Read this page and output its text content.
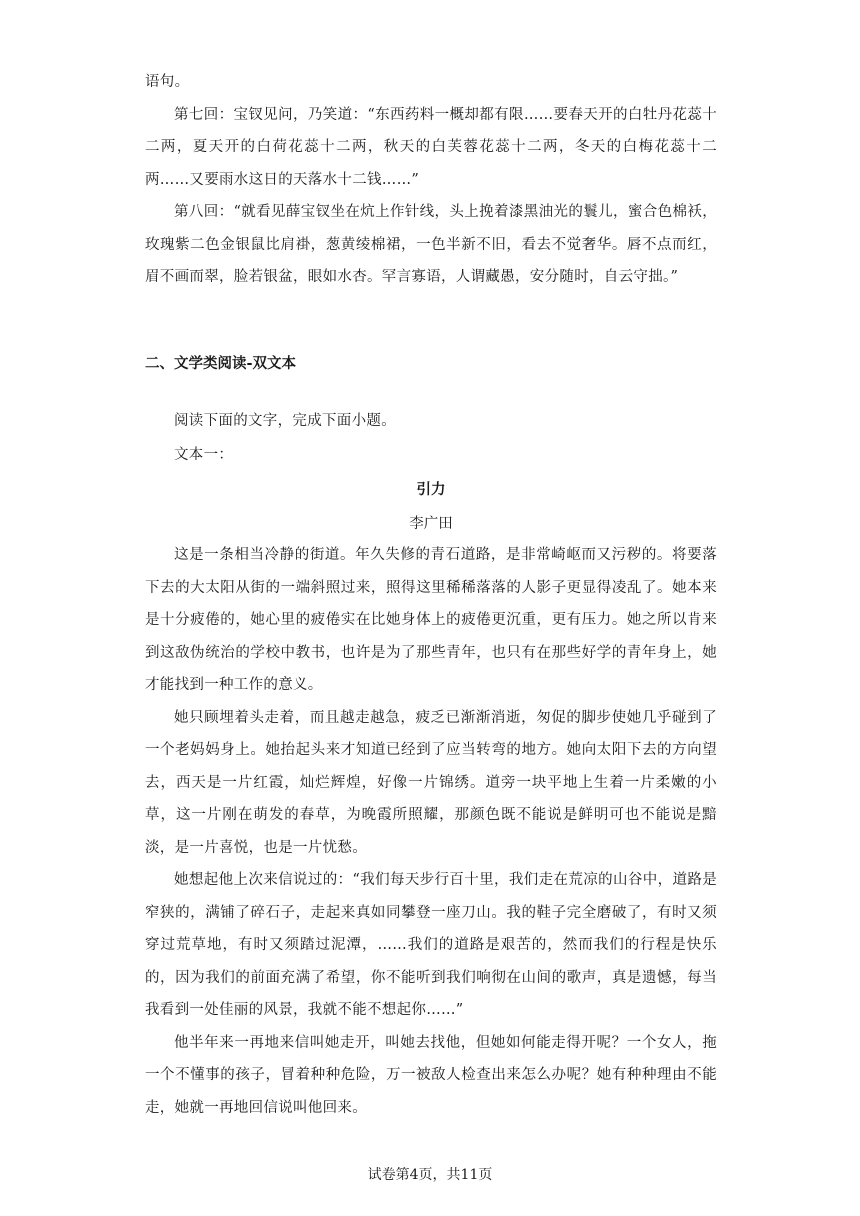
语句。

第七回：宝钗见问，乃笑道：“东西药料一概却都有限……要春天开的白牡丹花蕊十二两，夏天开的白荷花蕊十二两，秋天的白芙蓉花蕊十二两，冬天的白梅花蕊十二两……又要雨水这日的天落水十二钱……”

第八回：“就看见薛宝钗坐在炕上作针线，头上挽着漆黑油光的鬟儿，蜜合色棉袄，玫瑰紫二色金银鼠比肩褂，葱黄绫棉裙，一色半新不旧，看去不觉奢华。唇不点而红，眉不画而翠，脸若银盆，眼如水杏。罕言寡语，人谓藏愚，安分随时，自云守拙。”

二、文学类阅读-双文本

阅读下面的文字，完成下面小题。

文本一：

引力

李广田

这是一条相当冷静的街道。年久失修的青石道路，是非常崎岖而又污秽的。将要落下去的大太阳从街的一端斜照过来，照得这里稀稀落落的人影子更显得凌乱了。她本来是十分疲倦的，她心里的疲倦实在比她身体上的疲倦更沉重，更有压力。她之所以肯来到这敌伪统治的学校中教书，也许是为了那些青年，也只有在那些好学的青年身上，她才能找到一种工作的意义。

她只顾埋着头走着，而且越走越急，疲乏已渐渐消逝，匆促的脚步使她几乎碰到了一个老妈妈身上。她抬起头来才知道已经到了应当转弯的地方。她向太阳下去的方向望去，西天是一片红霞，灿烂辉煌，好像一片锦绣。道旁一块平地上生着一片柔嫩的小草，这一片刚在萌发的春草，为晚霞所照耀，那颜色既不能说是鲜明可也不能说是黯淡，是一片喜悦，也是一片忧愁。

她想起他上次来信说过的：“我们每天步行百十里，我们走在荒凉的山谷中，道路是窄狭的，满铺了碎石子，走起来真如同攀登一座刀山。我的鞋子完全磨破了，有时又须穿过荒草地，有时又须踏过泥潭，……我们的道路是艰苦的，然而我们的行程是快乐的，因为我们的前面充满了希望，你不能听到我们响彻在山间的歌声，真是遗憾，每当我看到一处佳丽的风景，我就不能不想起你……”

他半年来一再地来信叫她走开，叫她去找他，但她如何能走得开呢？一个女人，拖一个不懂事的孩子，冒着种种危险，万一被敌人检查出来怎么办呢？她有种种理由不能走，她就一再地回信说叫他回来。

试卷第4页，共11页
